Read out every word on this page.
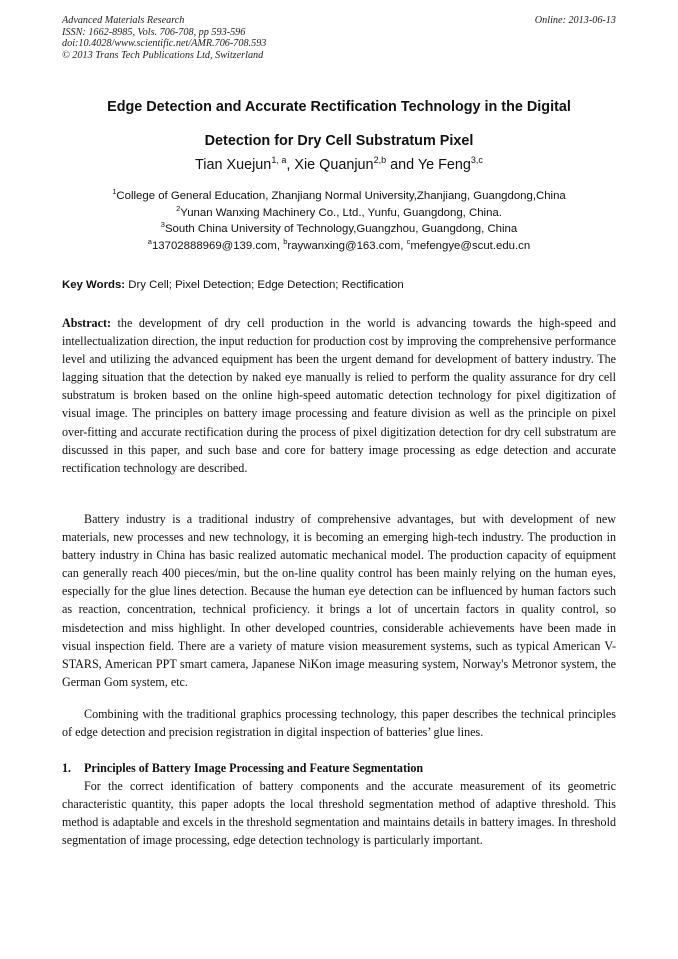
Advanced Materials Research
ISSN: 1662-8985, Vols. 706-708, pp 593-596
doi:10.4028/www.scientific.net/AMR.706-708.593
© 2013 Trans Tech Publications Ltd, Switzerland
Online: 2013-06-13
Edge Detection and Accurate Rectification Technology in the Digital
Detection for Dry Cell Substratum Pixel
Tian Xuejun$^{1, a}$, Xie Quanjun$^{2,b}$ and Ye Feng$^{3,c}$
$^1$College of General Education, Zhanjiang Normal University,Zhanjiang, Guangdong,China
$^2$Yunan Wanxing Machinery Co., Ltd., Yunfu, Guangdong, China.
$^3$South China University of Technology,Guangzhou, Guangdong, China
$^a$13702888969@139.com, $^b$raywanxing@163.com, $^c$mefengye@scut.edu.cn
Key Words: Dry Cell; Pixel Detection; Edge Detection; Rectification

Abstract: the development of dry cell production in the world is advancing towards the high-speed and intellectualization direction, the input reduction for production cost by improving the comprehensive performance level and utilizing the advanced equipment has been the urgent demand for development of battery industry. The lagging situation that the detection by naked eye manually is relied to perform the quality assurance for dry cell substratum is broken based on the online high-speed automatic detection technology for pixel digitization of visual image. The principles on battery image processing and feature division as well as the principle on pixel over-fitting and accurate rectification during the process of pixel digitization detection for dry cell substratum are discussed in this paper, and such base and core for battery image processing as edge detection and accurate rectification technology are described.

Battery industry is a traditional industry of comprehensive advantages, but with development of new materials, new processes and new technology, it is becoming an emerging high-tech industry. The production in battery industry in China has basic realized automatic mechanical model. The production capacity of equipment can generally reach 400 pieces/min, but the on-line quality control has been mainly relying on the human eyes, especially for the glue lines detection. Because the human eye detection can be influenced by human factors such as reaction, concentration, technical proficiency. it brings a lot of uncertain factors in quality control, so misdetection and miss highlight. In other developed countries, considerable achievements have been made in visual inspection field. There are a variety of mature vision measurement systems, such as typical American V-STARS, American PPT smart camera, Japanese NiKon image measuring system, Norway's Metronor system, the German Gom system, etc.

Combining with the traditional graphics processing technology, this paper describes the technical principles of edge detection and precision registration in digital inspection of batteries’ glue lines.

1. Principles of Battery Image Processing and Feature Segmentation

For the correct identification of battery components and the accurate measurement of its geometric characteristic quantity, this paper adopts the local threshold segmentation method of adaptive threshold. This method is adaptable and excels in the threshold segmentation and maintains details in battery images. In threshold segmentation of image processing, edge detection technology is particularly important.
